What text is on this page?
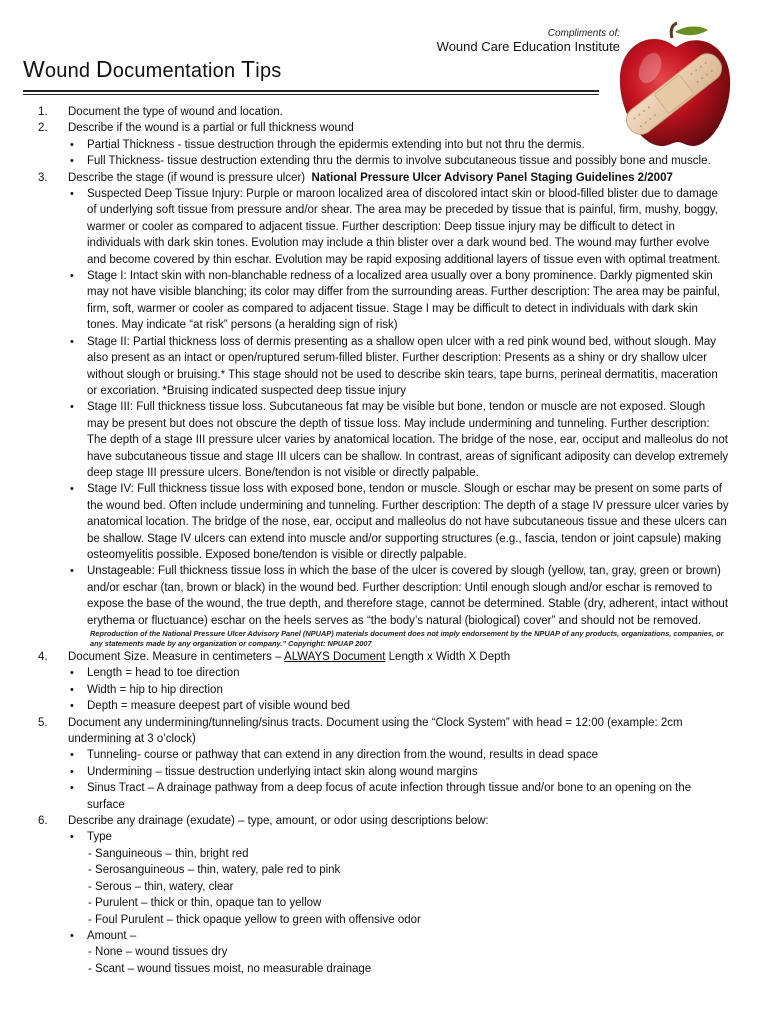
Compliments of:
Wound Care Education Institute
Wound Documentation Tips
1. Document the type of wound and location.
2. Describe if the wound is a partial or full thickness wound
• Partial Thickness - tissue destruction through the epidermis extending into but not thru the dermis.
• Full Thickness- tissue destruction extending thru the dermis to involve subcutaneous tissue and possibly bone and muscle.
3. Describe the stage (if wound is pressure ulcer) National Pressure Ulcer Advisory Panel Staging Guidelines 2/2007
• Suspected Deep Tissue Injury: Purple or maroon localized area of discolored intact skin or blood-filled blister due to damage of underlying soft tissue from pressure and/or shear. The area may be preceded by tissue that is painful, firm, mushy, boggy, warmer or cooler as compared to adjacent tissue. Further description: Deep tissue injury may be difficult to detect in individuals with dark skin tones. Evolution may include a thin blister over a dark wound bed. The wound may further evolve and become covered by thin eschar. Evolution may be rapid exposing additional layers of tissue even with optimal treatment.
• Stage I: Intact skin with non-blanchable redness of a localized area usually over a bony prominence. Darkly pigmented skin may not have visible blanching; its color may differ from the surrounding areas. Further description: The area may be painful, firm, soft, warmer or cooler as compared to adjacent tissue. Stage I may be difficult to detect in individuals with dark skin tones. May indicate “at risk” persons (a heralding sign of risk)
• Stage II: Partial thickness loss of dermis presenting as a shallow open ulcer with a red pink wound bed, without slough. May also present as an intact or open/ruptured serum-filled blister. Further description: Presents as a shiny or dry shallow ulcer without slough or bruising.* This stage should not be used to describe skin tears, tape burns, perineal dermatitis, maceration or excoriation. *Bruising indicated suspected deep tissue injury
• Stage III: Full thickness tissue loss. Subcutaneous fat may be visible but bone, tendon or muscle are not exposed. Slough may be present but does not obscure the depth of tissue loss. May include undermining and tunneling. Further description: The depth of a stage III pressure ulcer varies by anatomical location. The bridge of the nose, ear, occiput and malleolus do not have subcutaneous tissue and stage III ulcers can be shallow. In contrast, areas of significant adiposity can develop extremely deep stage III pressure ulcers. Bone/tendon is not visible or directly palpable.
• Stage IV: Full thickness tissue loss with exposed bone, tendon or muscle. Slough or eschar may be present on some parts of the wound bed. Often include undermining and tunneling. Further description: The depth of a stage IV pressure ulcer varies by anatomical location. The bridge of the nose, ear, occiput and malleolus do not have subcutaneous tissue and these ulcers can be shallow. Stage IV ulcers can extend into muscle and/or supporting structures (e.g., fascia, tendon or joint capsule) making osteomyelitis possible. Exposed bone/tendon is visible or directly palpable.
• Unstageable: Full thickness tissue loss in which the base of the ulcer is covered by slough (yellow, tan, gray, green or brown) and/or eschar (tan, brown or black) in the wound bed. Further description: Until enough slough and/or eschar is removed to expose the base of the wound, the true depth, and therefore stage, cannot be determined. Stable (dry, adherent, intact without erythema or fluctuance) eschar on the heels serves as “the body’s natural (biological) cover” and should not be removed.
Reproduction of the National Pressure Ulcer Advisory Panel (NPUAP) materials document does not imply endorsement by the NPUAP of any products, organizations, companies, or any statements made by any organization or company.” Copyright: NPUAP 2007
4. Document Size. Measure in centimeters – ALWAYS Document Length x Width X Depth
• Length = head to toe direction
• Width = hip to hip direction
• Depth = measure deepest part of visible wound bed
5. Document any undermining/tunneling/sinus tracts. Document using the “Clock System” with head = 12:00 (example: 2cm undermining at 3 o’clock)
• Tunneling- course or pathway that can extend in any direction from the wound, results in dead space
• Undermining – tissue destruction underlying intact skin along wound margins
• Sinus Tract – A drainage pathway from a deep focus of acute infection through tissue and/or bone to an opening on the surface
6. Describe any drainage (exudate) – type, amount, or odor using descriptions below:
• Type
- Sanguineous – thin, bright red
- Serosanguineous – thin, watery, pale red to pink
- Serous – thin, watery, clear
- Purulent – thick or thin, opaque tan to yellow
- Foul Purulent – thick opaque yellow to green with offensive odor
• Amount –
- None – wound tissues dry
- Scant – wound tissues moist, no measurable drainage
